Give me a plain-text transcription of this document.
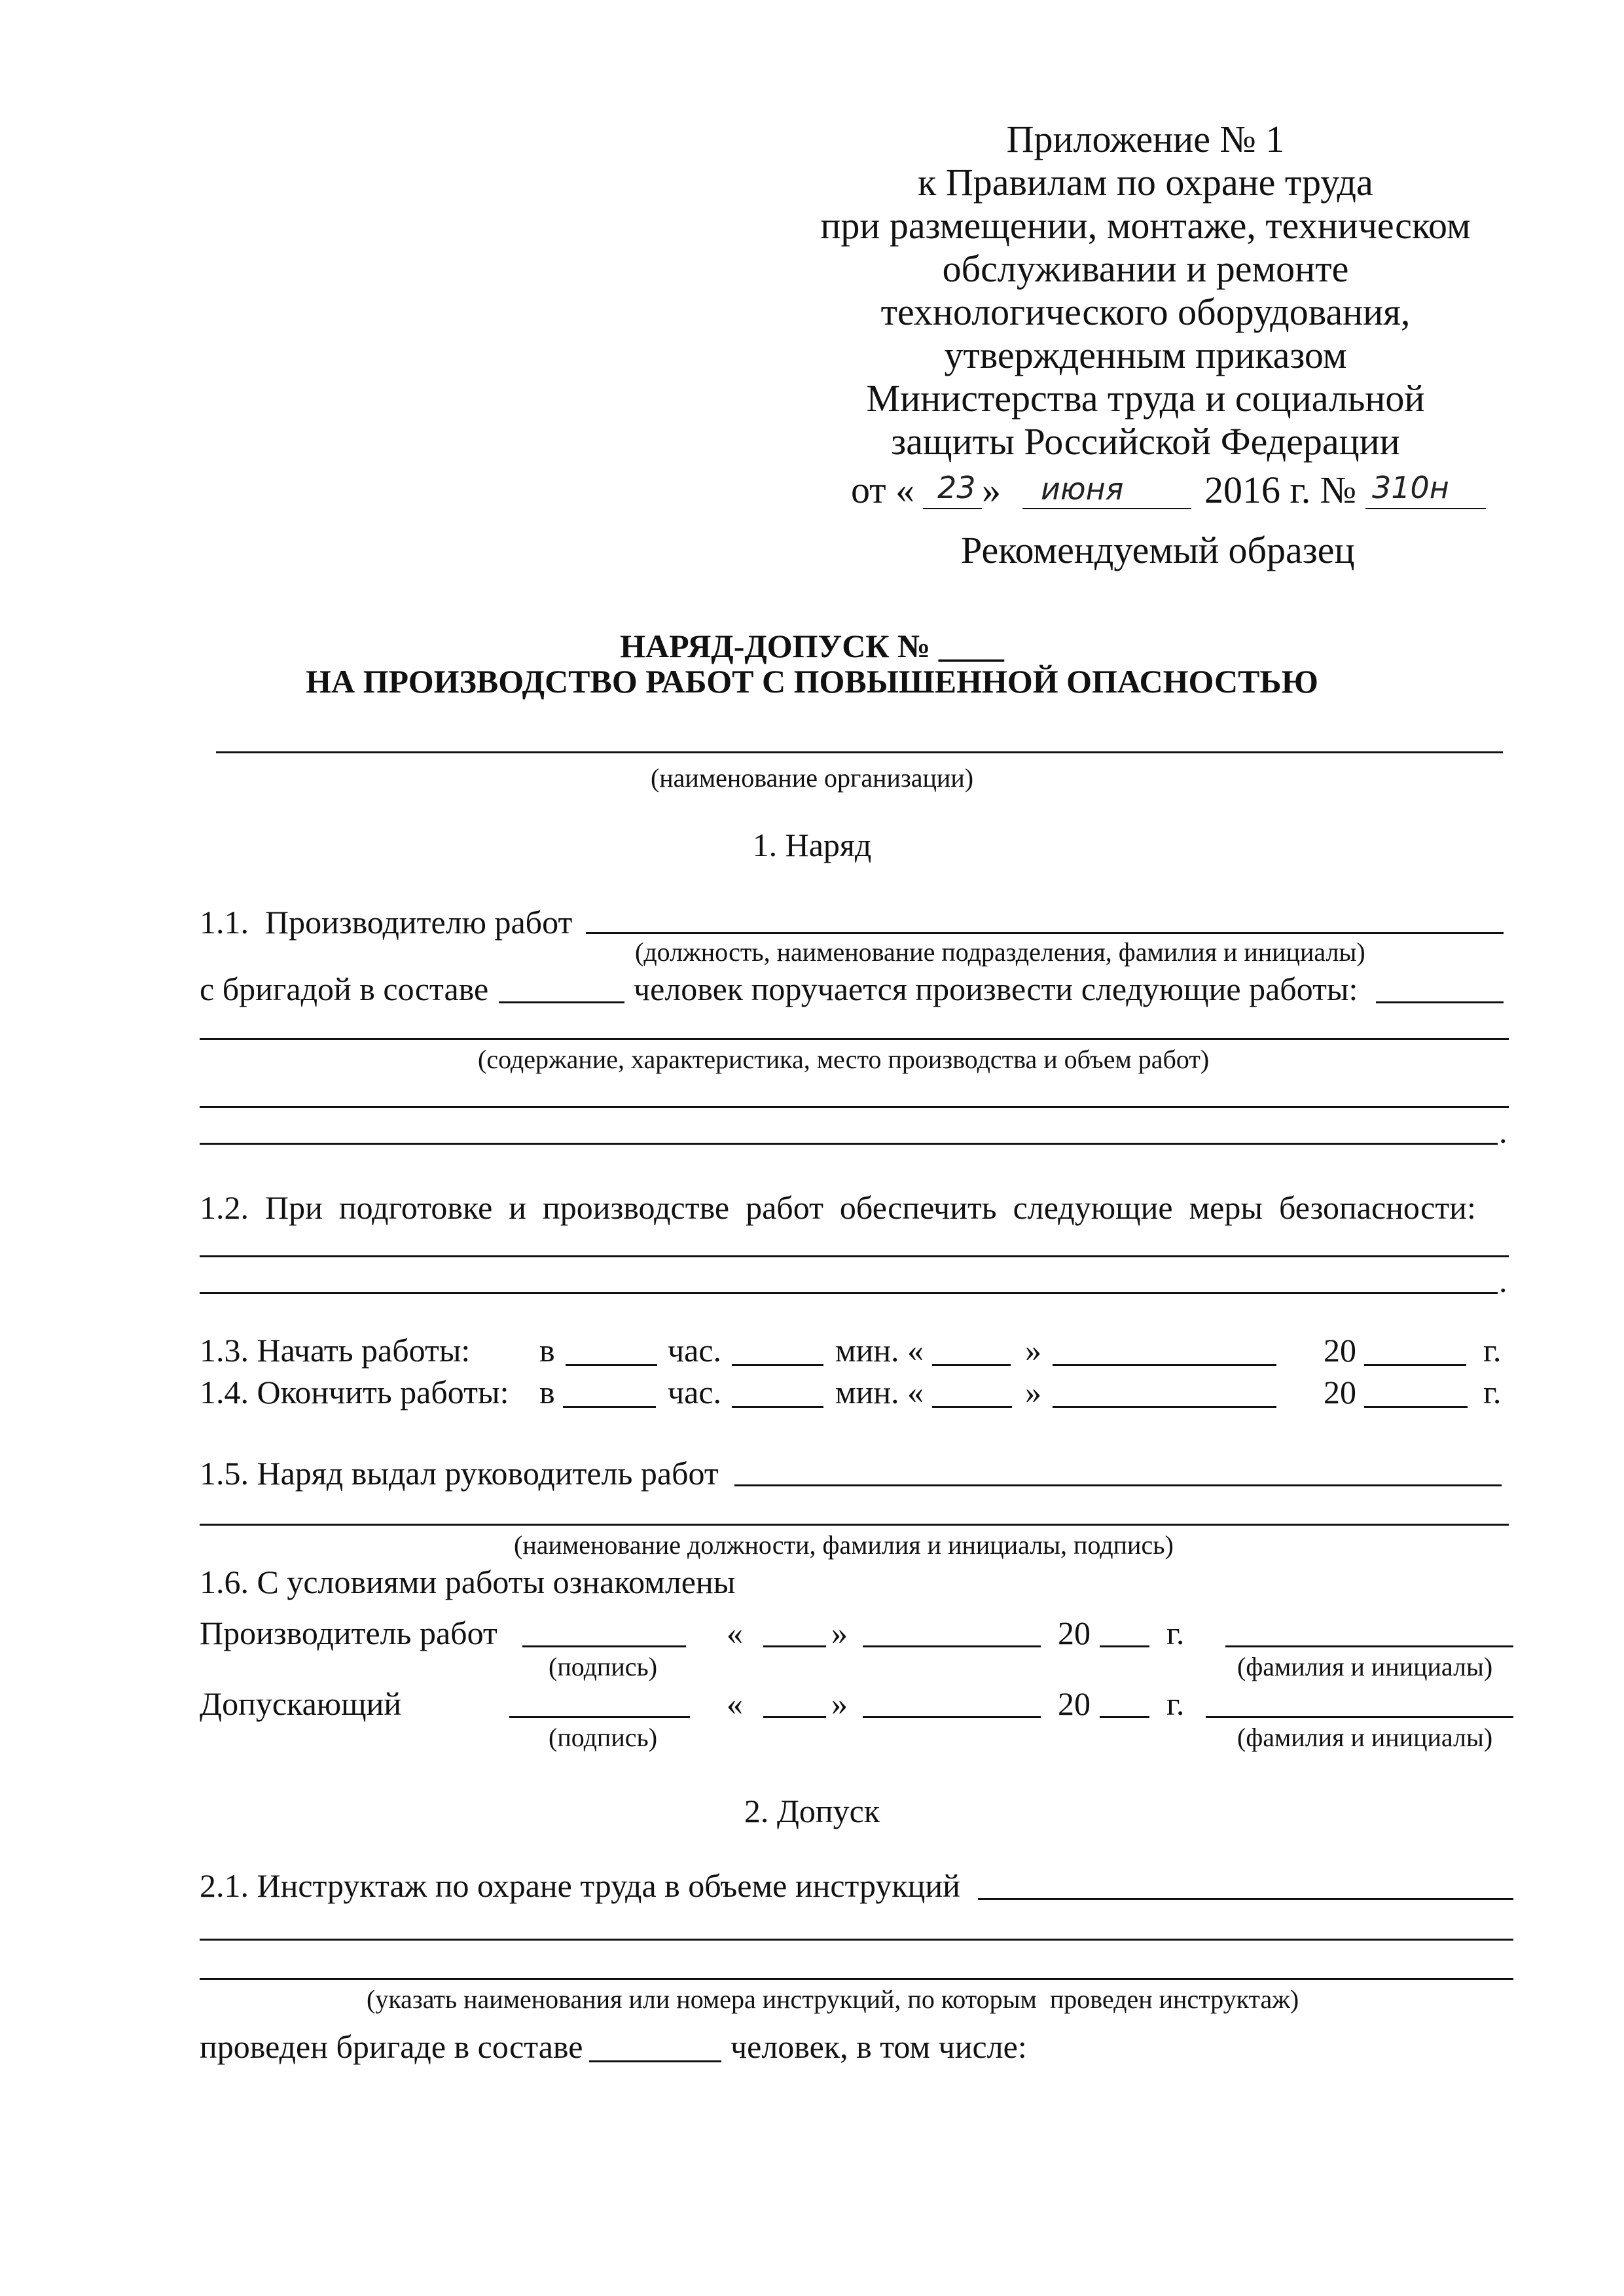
Приложение № 1
к Правилам по охране труда
при размещении, монтаже, техническом
обслуживании и ремонте
технологического оборудования,
утвержденным приказом
Министерства труда и социальной
защиты Российской Федерации
от « 23 » июня 2016 г. № 310н
Рекомендуемый образец
НАРЯД-ДОПУСК № ____
НА ПРОИЗВОДСТВО РАБОТ С ПОВЫШЕННОЙ ОПАСНОСТЬЮ
(наименование организации)
1. Наряд
1.1.  Производителю работ
(должность, наименование подразделения, фамилия и инициалы)
с бригадой в составе	человек поручается произвести следующие работы:
(содержание, характеристика, место производства и объем работ)
.
1.2.  При  подготовке  и  производстве  работ  обеспечить  следующие  меры  безопасности:
.
1.3. Начать работы: в	час.	мин. «	»	20	г.
1.4. Окончить работы: в	час.	мин. «	»	20	г.
1.5. Наряд выдал руководитель работ
(наименование должности, фамилия и инициалы, подпись)
1.6. С условиями работы ознакомлены
Производитель работ	«	»	20 г.
(подпись)	(фамилия и инициалы)
Допускающий	«	»	20 г.
(подпись)	(фамилия и инициалы)
2. Допуск
2.1. Инструктаж по охране труда в объеме инструкций
(указать наименования или номера инструкций, по которым  проведен инструктаж)
проведен бригаде в составе	человек, в том числе:
